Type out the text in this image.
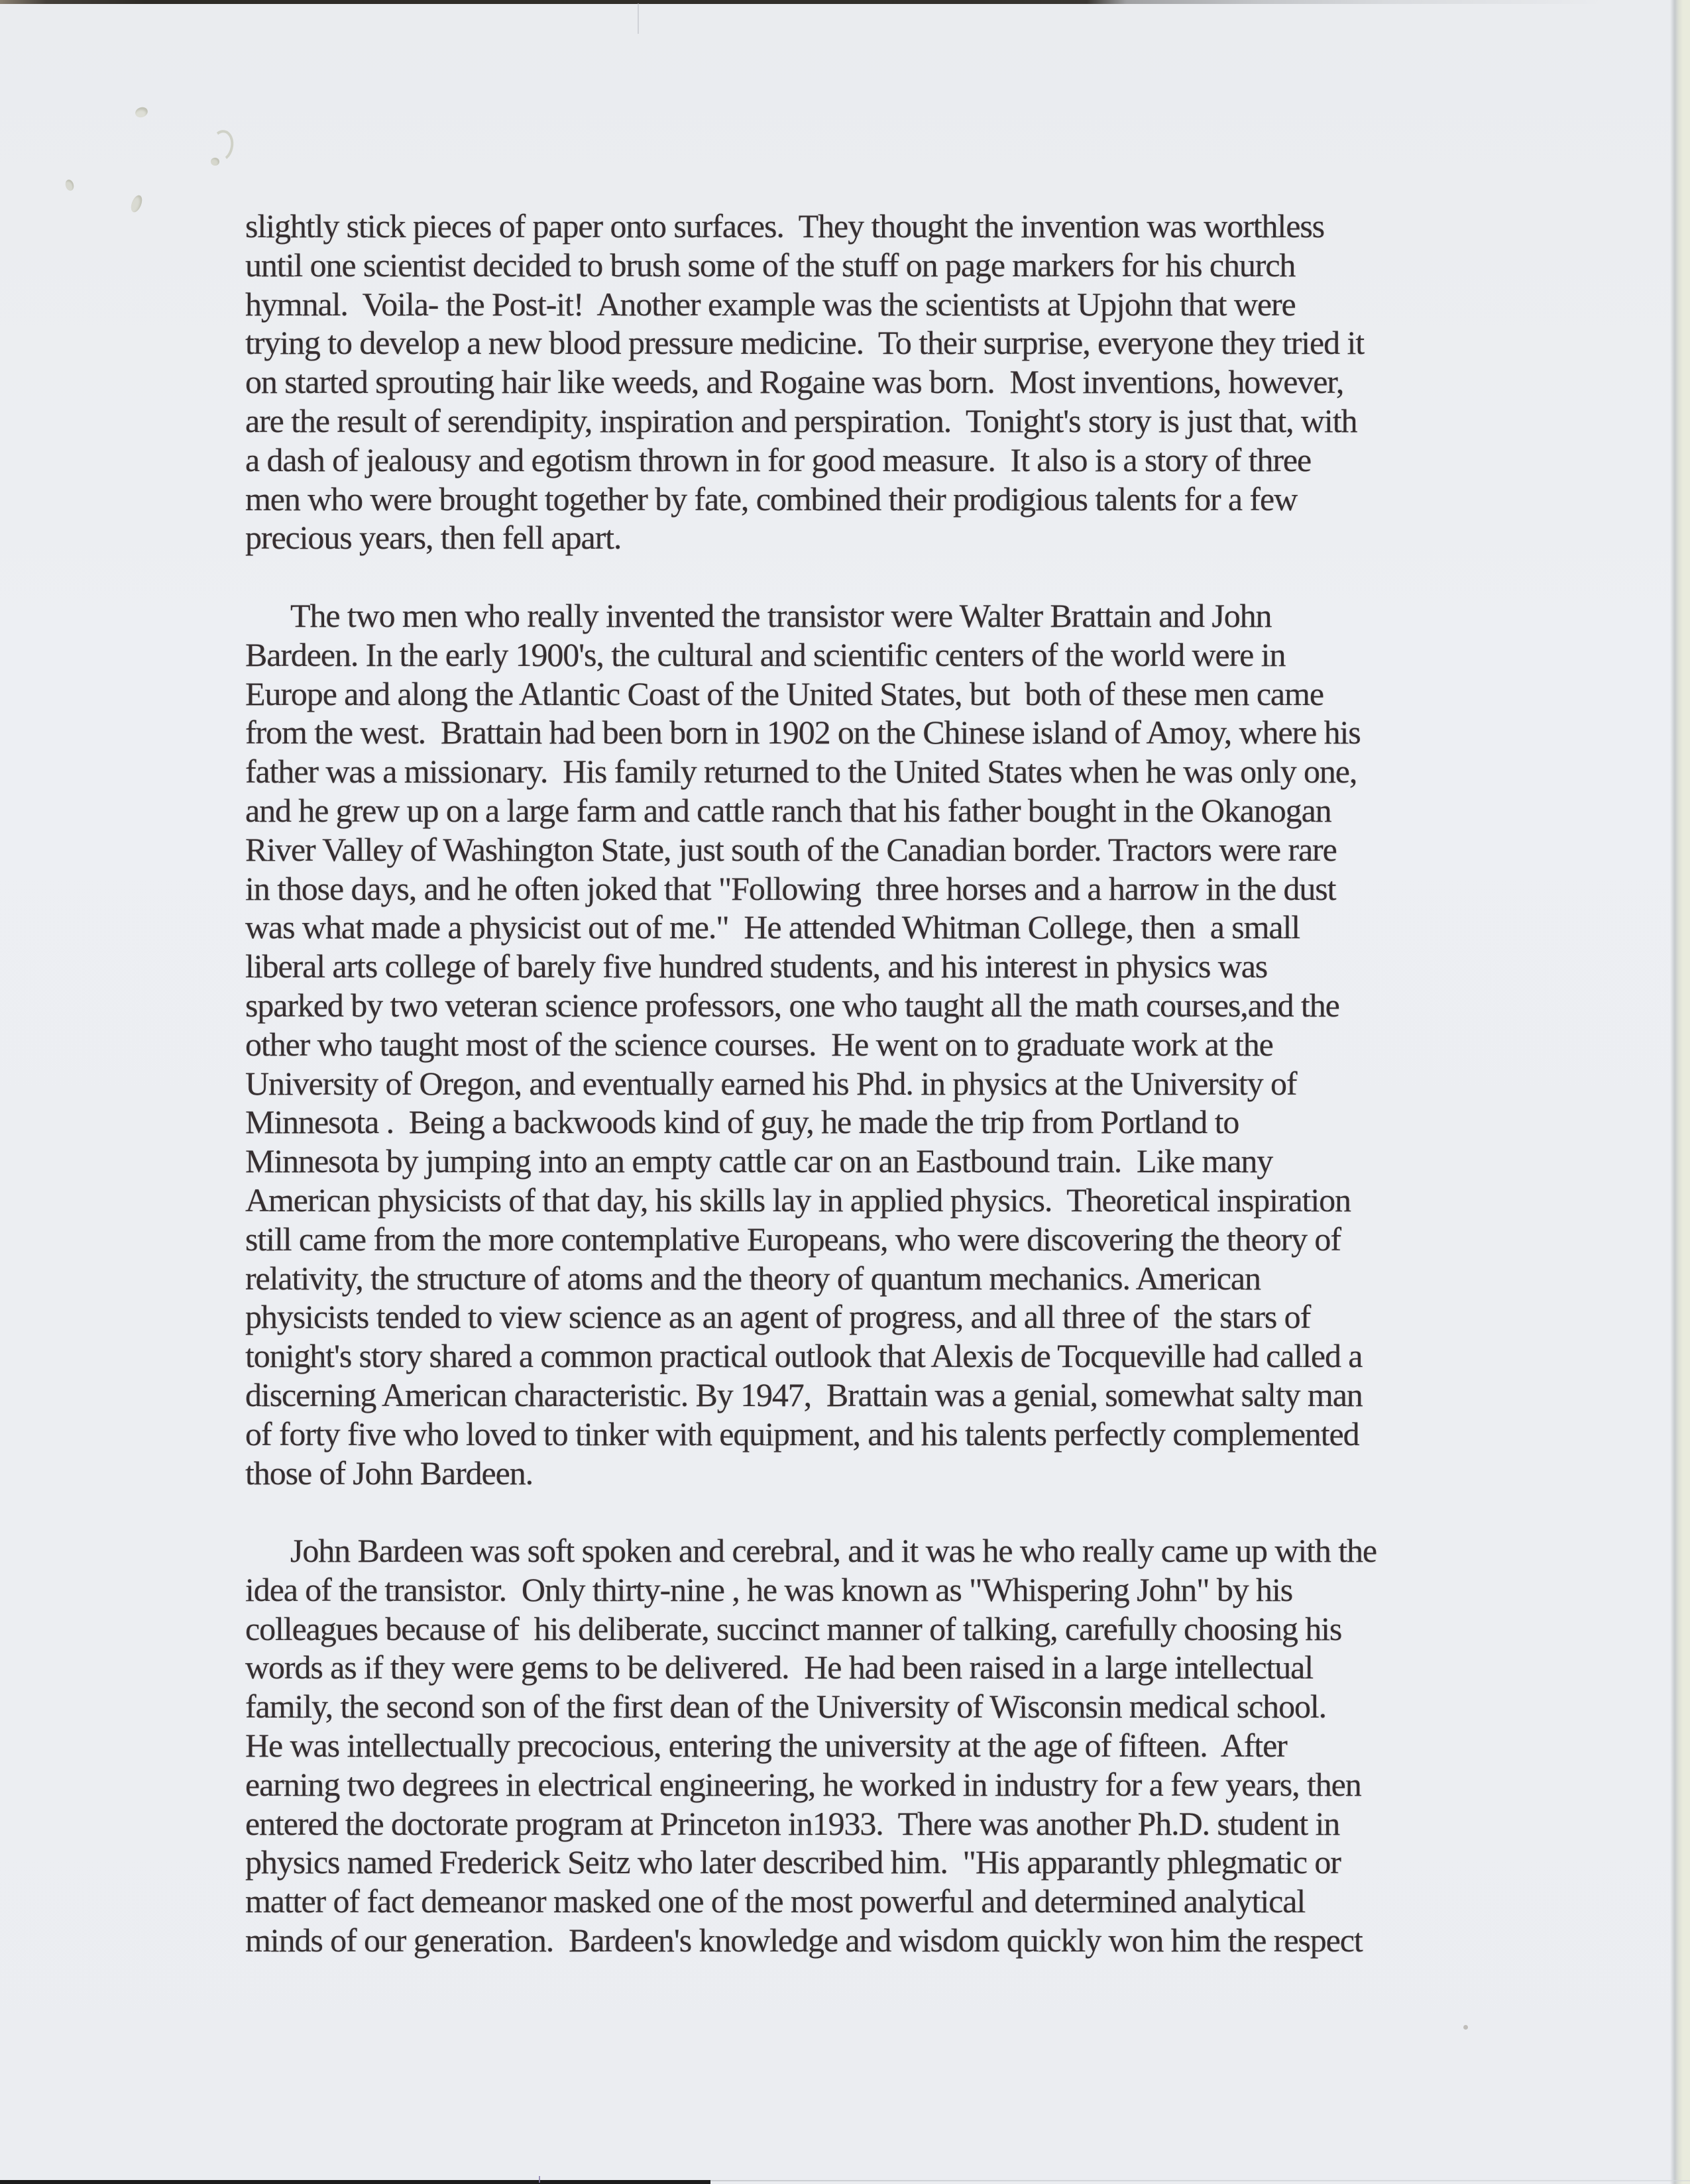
slightly stick pieces of paper onto surfaces.  They thought the invention was worthless
until one scientist decided to brush some of the stuff on page markers for his church
hymnal.  Voila- the Post-it!  Another example was the scientists at Upjohn that were
trying to develop a new blood pressure medicine.  To their surprise, everyone they tried it
on started sprouting hair like weeds, and Rogaine was born.  Most inventions, however,
are the result of serendipity, inspiration and perspiration.  Tonight's story is just that, with
a dash of jealousy and egotism thrown in for good measure.  It also is a story of three
men who were brought together by fate, combined their prodigious talents for a few
precious years, then fell apart.
The two men who really invented the transistor were Walter Brattain and John
Bardeen. In the early 1900's, the cultural and scientific centers of the world were in
Europe and along the Atlantic Coast of the United States, but  both of these men came
from the west.  Brattain had been born in 1902 on the Chinese island of Amoy, where his
father was a missionary.  His family returned to the United States when he was only one,
and he grew up on a large farm and cattle ranch that his father bought in the Okanogan
River Valley of Washington State, just south of the Canadian border. Tractors were rare
in those days, and he often joked that "Following  three horses and a harrow in the dust
was what made a physicist out of me."  He attended Whitman College, then  a small
liberal arts college of barely five hundred students, and his interest in physics was
sparked by two veteran science professors, one who taught all the math courses,and the
other who taught most of the science courses.  He went on to graduate work at the
University of Oregon, and eventually earned his Phd. in physics at the University of
Minnesota .  Being a backwoods kind of guy, he made the trip from Portland to
Minnesota by jumping into an empty cattle car on an Eastbound train.  Like many
American physicists of that day, his skills lay in applied physics.  Theoretical inspiration
still came from the more contemplative Europeans, who were discovering the theory of
relativity, the structure of atoms and the theory of quantum mechanics. American
physicists tended to view science as an agent of progress, and all three of  the stars of
tonight's story shared a common practical outlook that Alexis de Tocqueville had called a
discerning American characteristic. By 1947,  Brattain was a genial, somewhat salty man
of forty five who loved to tinker with equipment, and his talents perfectly complemented
those of John Bardeen.
John Bardeen was soft spoken and cerebral, and it was he who really came up with the
idea of the transistor.  Only thirty-nine , he was known as "Whispering John" by his
colleagues because of  his deliberate, succinct manner of talking, carefully choosing his
words as if they were gems to be delivered.  He had been raised in a large intellectual
family, the second son of the first dean of the University of Wisconsin medical school.
He was intellectually precocious, entering the university at the age of fifteen.  After
earning two degrees in electrical engineering, he worked in industry for a few years, then
entered the doctorate program at Princeton in1933.  There was another Ph.D. student in
physics named Frederick Seitz who later described him.  "His apparantly phlegmatic or
matter of fact demeanor masked one of the most powerful and determined analytical
minds of our generation.  Bardeen's knowledge and wisdom quickly won him the respect
